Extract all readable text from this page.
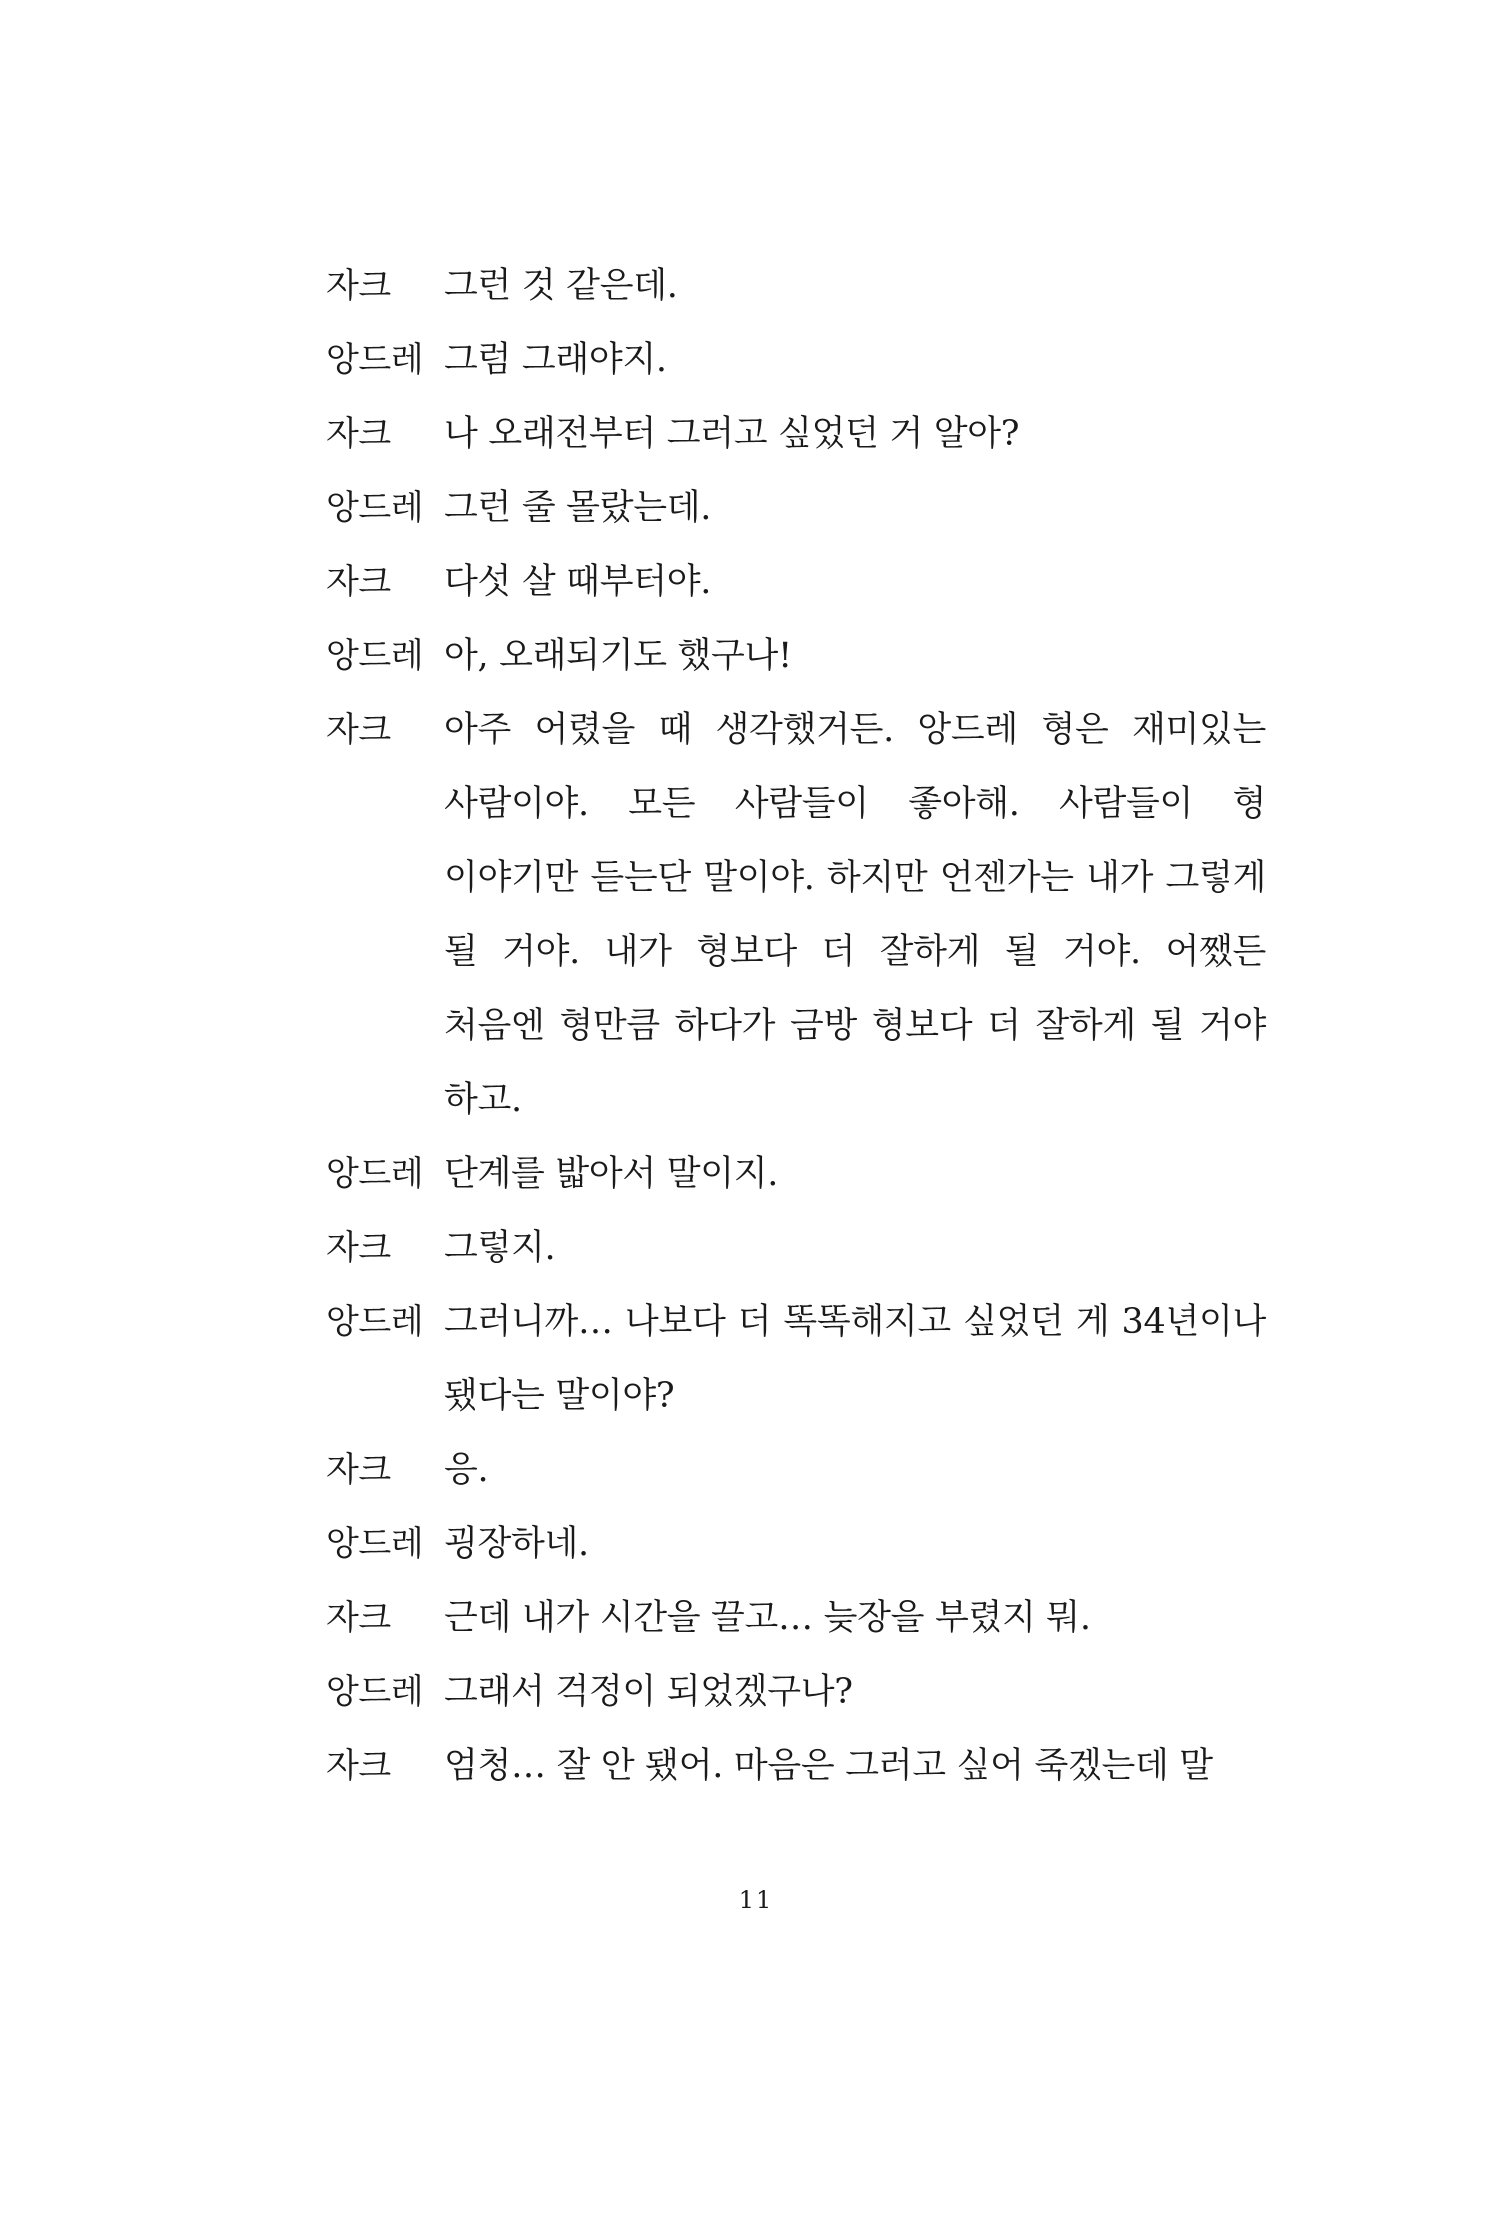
자크	그런 것 같은데.
앙드레 그럼 그래야지.
자크	나 오래전부터 그러고 싶었던 거 알아?
앙드레 그런 줄 몰랐는데.
자크	다섯 살 때부터야.
앙드레 아, 오래되기도 했구나!
자크	아주 어렸을 때 생각했거든. 앙드레 형은 재미있는 사람이야. 모든 사람들이 좋아해. 사람들이 형 이야기만 듣는단 말이야. 하지만 언젠가는 내가 그렇게 될 거야. 내가 형보다 더 잘하게 될 거야. 어쨌든 처음엔 형만큼 하다가 금방 형보다 더 잘하게 될 거야 하고.
앙드레 단계를 밟아서 말이지.
자크	그렇지.
앙드레 그러니까… 나보다 더 똑똑해지고 싶었던 게 34년이나 됐다는 말이야?
자크	응.
앙드레 굉장하네.
자크	근데 내가 시간을 끌고… 늦장을 부렸지 뭐.
앙드레 그래서 걱정이 되었겠구나?
자크	엄청… 잘 안 됐어. 마음은 그러고 싶어 죽겠는데 말
11
